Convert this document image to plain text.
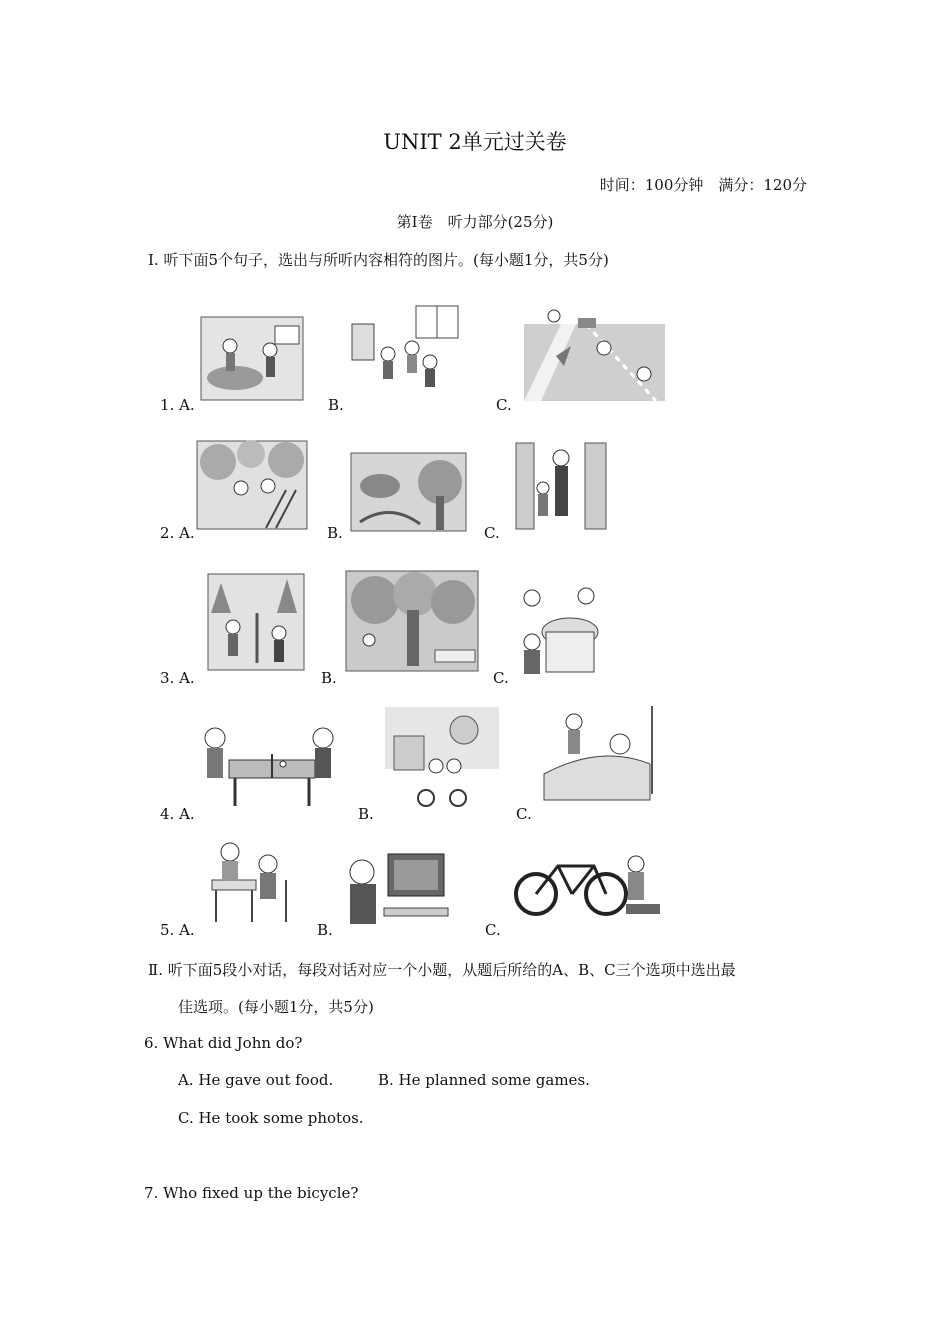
UNIT 2单元过关卷
时间：100分钟　满分：120分
第Ⅰ卷　听力部分(25分)
Ⅰ. 听下面5个句子，选出与所听内容相符的图片。(每小题1分，共5分)
1. A.	B.	C.
2. A.	B.	C.
3. A.	B.	C.
4. A.	B.	C.
5. A.	B.	C.
Ⅱ. 听下面5段小对话，每段对话对应一个小题，从题后所给的A、B、C三个选项中选出最
佳选项。(每小题1分，共5分)
6. What did John do?
A. He gave out food.	B. He planned some games.
C. He took some photos.
7. Who fixed up the bicycle?
